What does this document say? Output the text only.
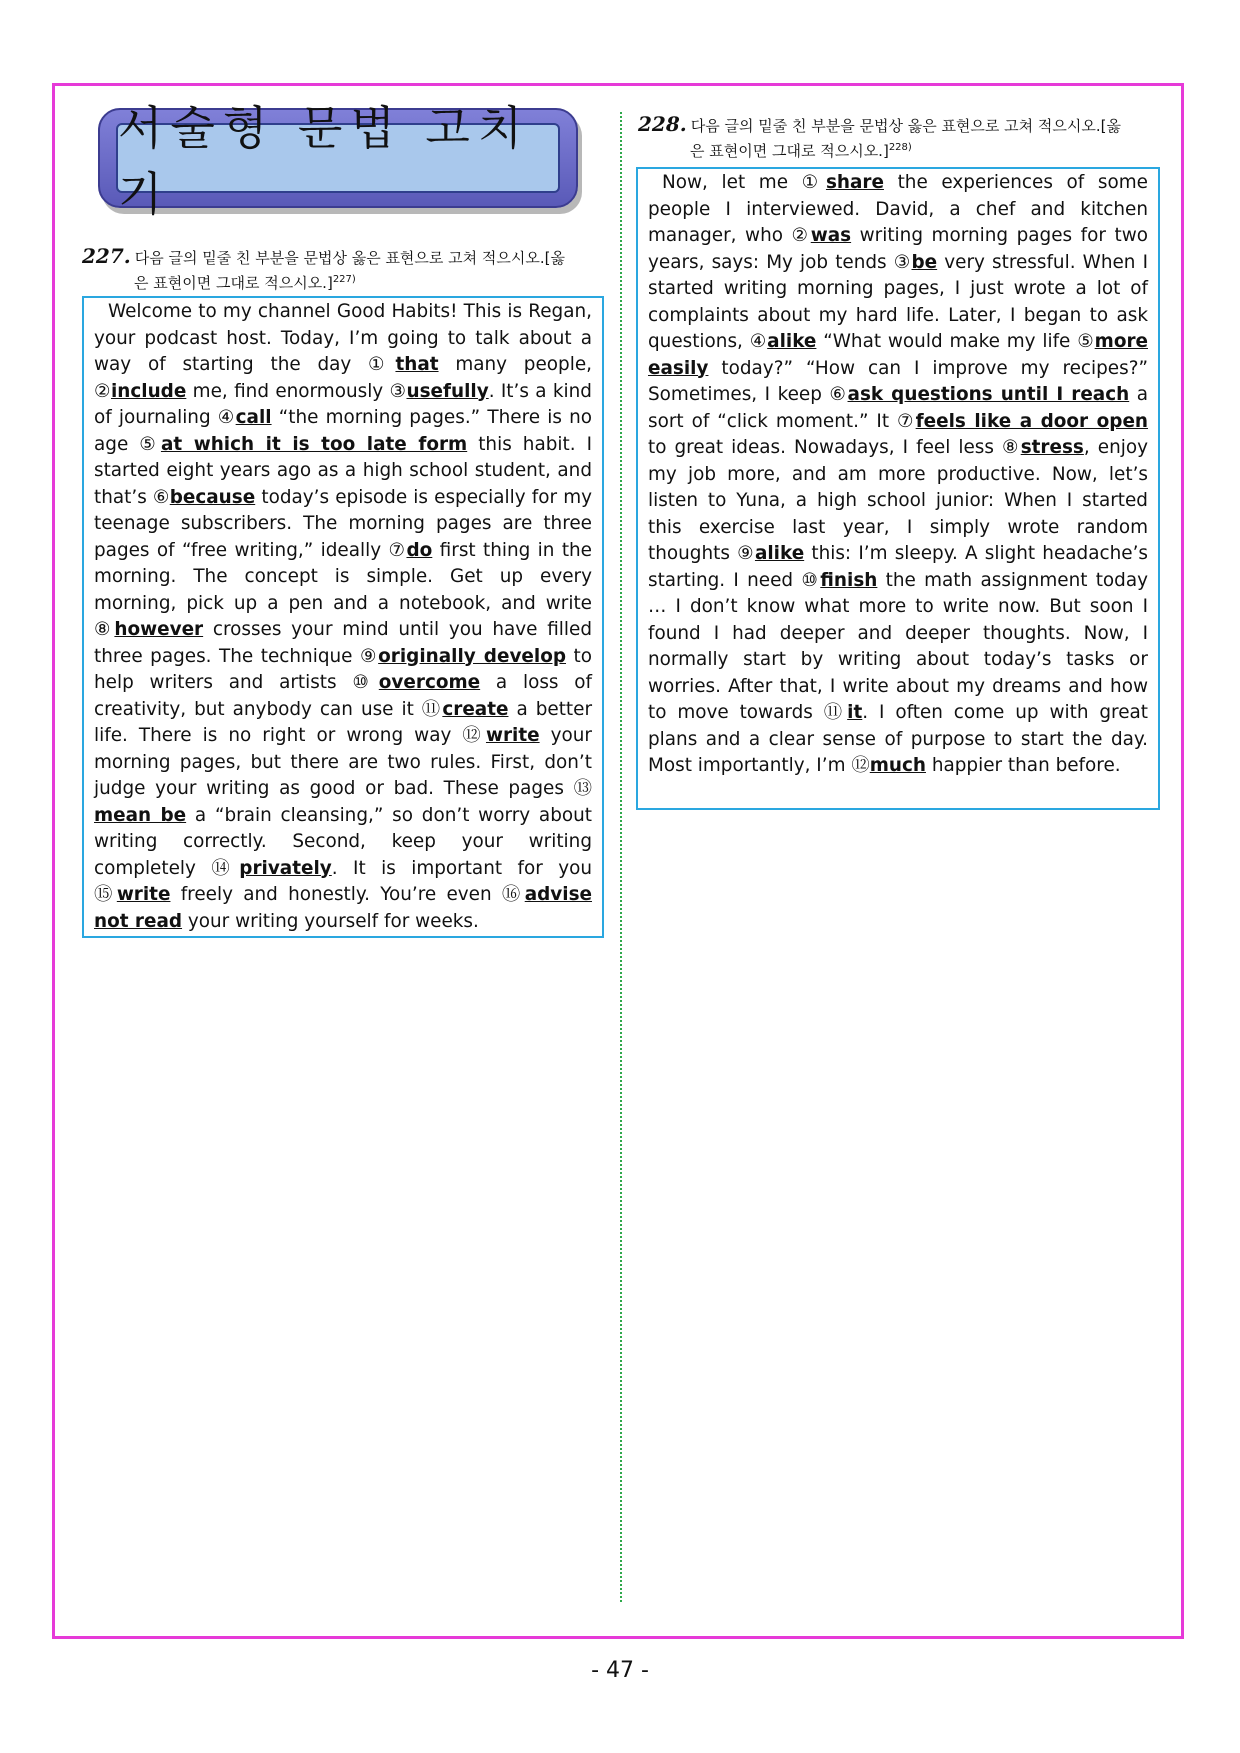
서술형 문법 고치기
227. 다음 글의 밑줄 친 부분을 문법상 옳은 표현으로 고쳐 적으시오.[옳
은 표현이면 그대로 적으시오.]$^{227)}$
Welcome to my channel Good Habits! This is Regan, your podcast host. Today, I’m going to talk about a way of starting the day ①that many people, ②include me, find enormously ③usefully. It’s a kind of journaling ④call “the morning pages.” There is no age ⑤at which it is too late form this habit. I started eight years ago as a high school student, and that’s ⑥because today’s episode is especially for my teenage subscribers. The morning pages are three pages of “free writing,” ideally ⑦do first thing in the morning. The concept is simple. Get up every morning, pick up a pen and a notebook, and write ⑧however crosses your mind until you have filled three pages. The technique ⑨originally develop to help writers and artists ⑩overcome a loss of creativity, but anybody can use it ⑪create a better life. There is no right or wrong way ⑫write your morning pages, but there are two rules. First, don’t judge your writing as good or bad. These pages ⑬ mean be a “brain cleansing,” so don’t worry about writing correctly. Second, keep your writing completely ⑭privately. It is important for you ⑮write freely and honestly. You’re even ⑯advise not read your writing yourself for weeks.
228. 다음 글의 밑줄 친 부분을 문법상 옳은 표현으로 고쳐 적으시오.[옳
은 표현이면 그대로 적으시오.]$^{228)}$
Now, let me ①share the experiences of some people I interviewed. David, a chef and kitchen manager, who ②was writing morning pages for two years, says: My job tends ③be very stressful. When I started writing morning pages, I just wrote a lot of complaints about my hard life. Later, I began to ask questions, ④alike “What would make my life ⑤more easily today?” “How can I improve my recipes?” Sometimes, I keep ⑥ask questions until I reach a sort of “click moment.” It ⑦feels like a door open to great ideas. Nowadays, I feel less ⑧stress, enjoy my job more, and am more productive. Now, let’s listen to Yuna, a high school junior: When I started this exercise last year, I simply wrote random thoughts ⑨alike this: I’m sleepy. A slight headache’s starting. I need ⑩finish the math assignment today … I don’t know what more to write now. But soon I found I had deeper and deeper thoughts. Now, I normally start by writing about today’s tasks or worries. After that, I write about my dreams and how to move towards ⑪it. I often come up with great plans and a clear sense of purpose to start the day. Most importantly, I’m ⑫much happier than before.
- 47 -
